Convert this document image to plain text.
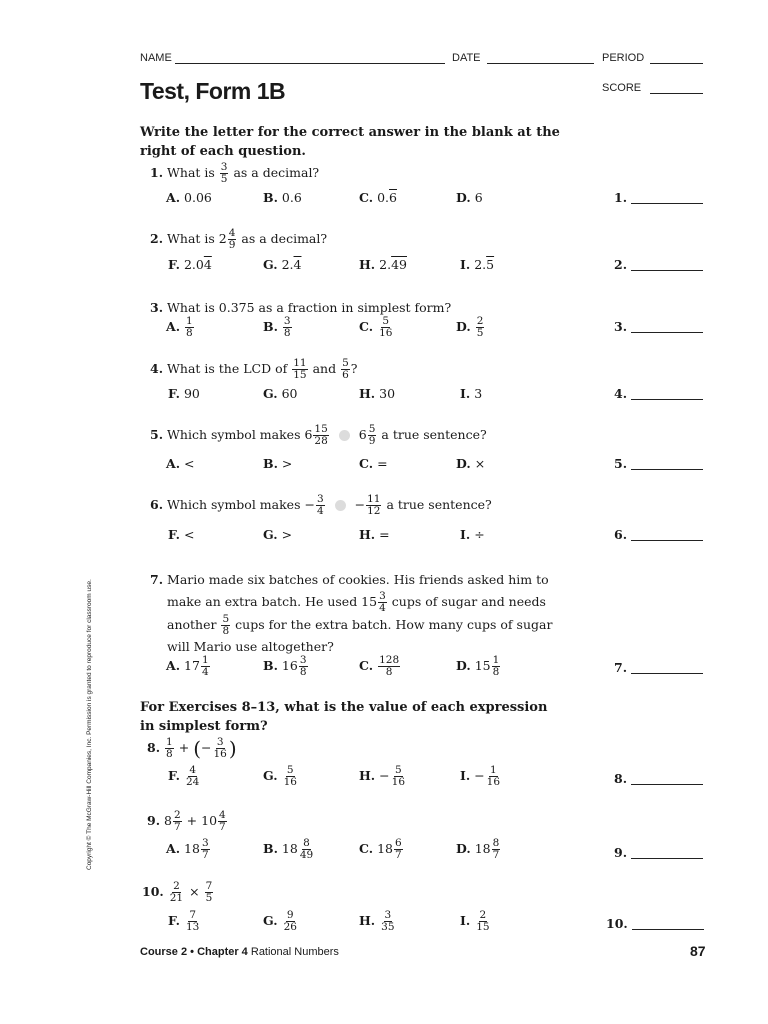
NAME	DATE	PERIOD
Test, Form 1B	SCORE
Write the letter for the correct answer in the blank at the right of each question.
1. What is $\frac{3}{5}$ as a decimal?
A. 0.06	B. 0.6	C. 0.6	D. 6	1.
2. What is $2 \frac{4}{9}$ as a decimal?
F. 2.04	G. 2.4	H. 2.49	I. 2.5	2.
3. What is 0.375 as a fraction in simplest form?
A. $\frac{1}{8}$	B. $\frac{3}{8}$	C. $\frac{5}{16}$	D. $\frac{2}{5}$	3.
4. What is the LCD of $\frac{11}{15}$ and $\frac{5}{6}$ ?
F. 90	G. 60	H. 30	I. 3	4.
5. Which symbol makes $6 \frac{15}{28} 6 \frac{5}{9}$ a true sentence?
A. <	B. >	C. =	D. ×	5.
6. Which symbol makes − $\frac{3}{4} - \frac{11}{12}$ a true sentence?
F. <	G. >	H. =	I. ÷	6.
7. Mario made six batches of cookies. His friends asked him to
make an extra batch. He used $15 \frac{3}{4}$ cups of sugar and needs
another $\frac{5}{8}$ cups for the extra batch. How many cups of sugar
will Mario use altogether?
A. $17 \frac{1}{4}$	B. $16 \frac{3}{8}$	C. $\frac{128}{8}$	D. $15 \frac{1}{8}$	7.
For Exercises 8–13, what is the value of each expression in simplest form?
8. $\frac{1}{8}$ + (− $\frac{3}{16}$ )
F. $\frac{4}{24}$	G. $\frac{5}{16}$	H. − $\frac{5}{16}$	I. − $\frac{1}{16}$	8.
9. $8 \frac{2}{7} + 10 \frac{4}{7}$
A. $18 \frac{3}{7}$	B. $18 \frac{8}{49}$	C. $18 \frac{6}{7}$	D. $18 \frac{8}{7}$	9.
10. $\frac{2}{21} \times \frac{7}{5}$
F. $\frac{7}{13}$	G. $\frac{9}{26}$	H. $\frac{3}{35}$	I. $\frac{2}{15}$	10.
Copyright © The McGraw-Hill Companies, Inc. Permission is granted to reproduce for classroom use.
Course 2 • Chapter 4 Rational Numbers	87
